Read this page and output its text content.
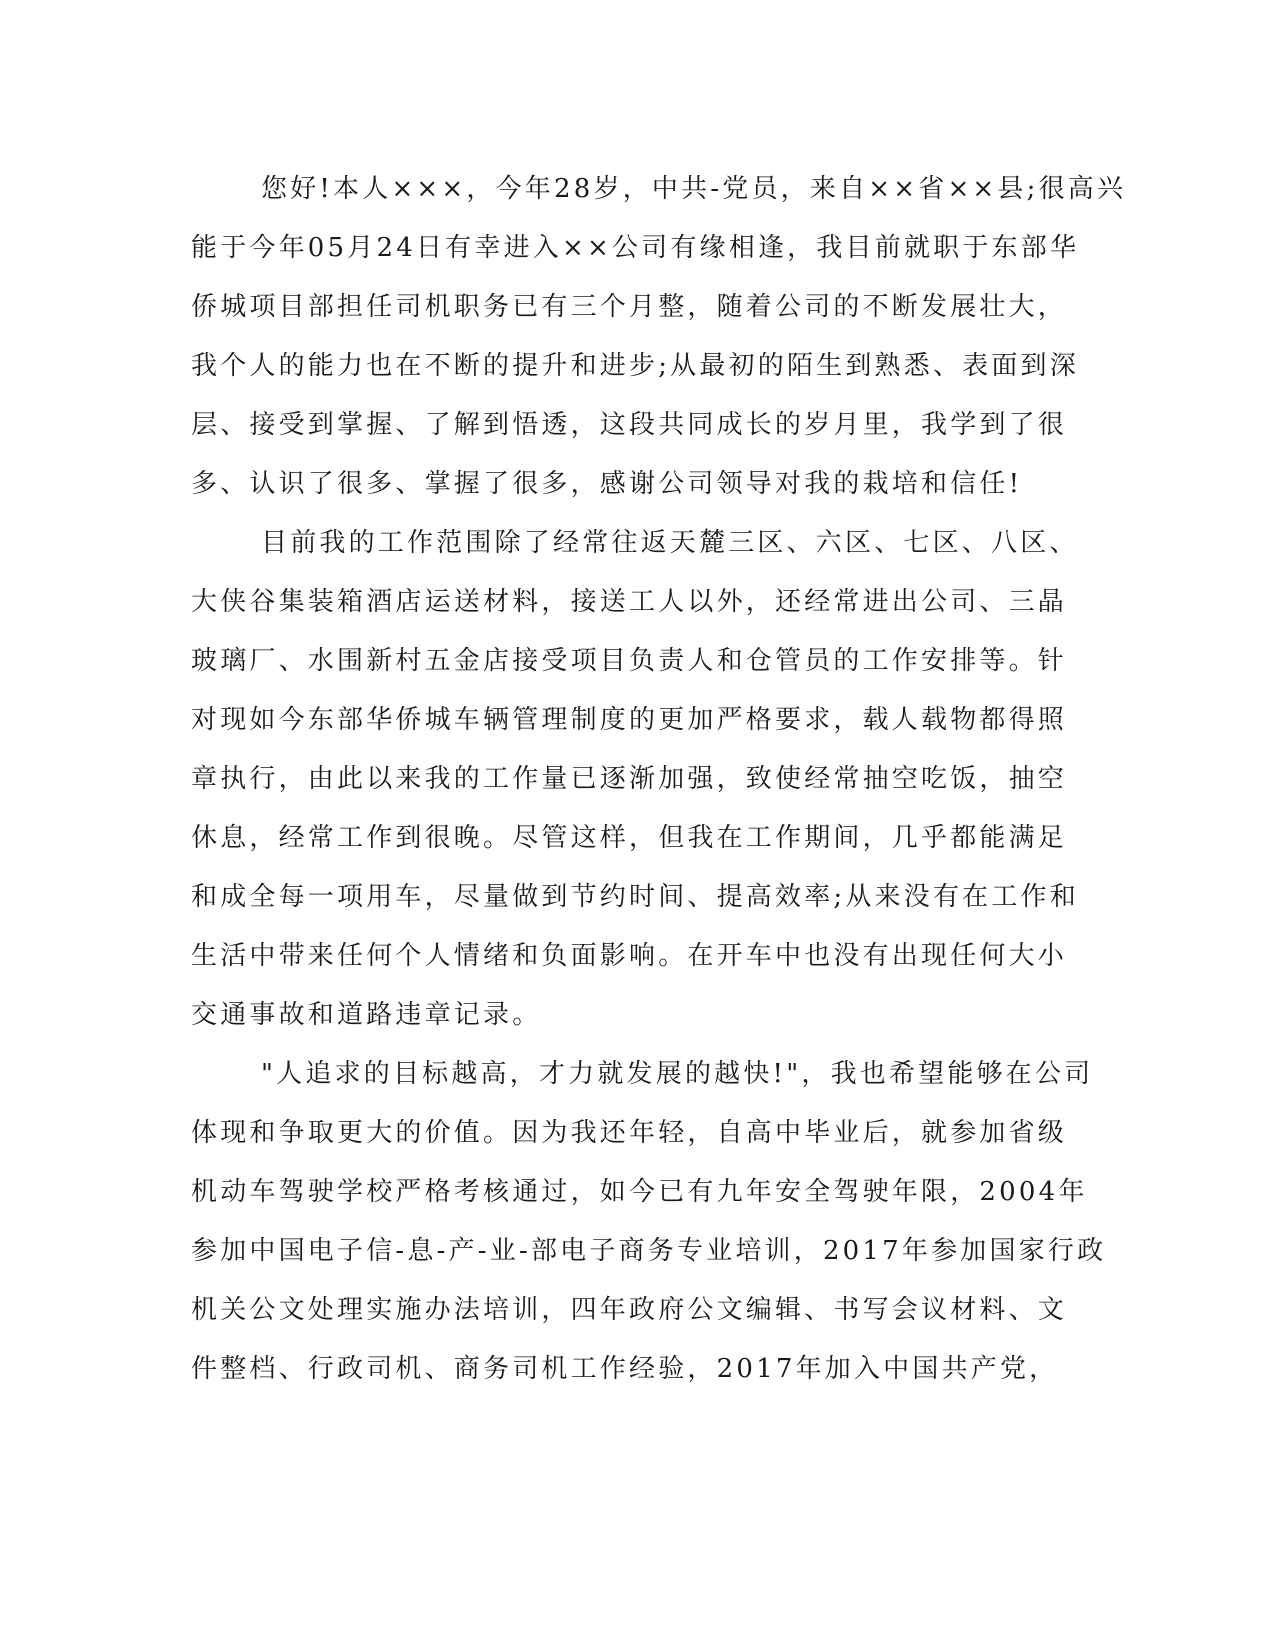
您好!本人×××，今年28岁，中共-党员，来自××省××县;很高兴
能于今年05月24日有幸进入××公司有缘相逢，我目前就职于东部华
侨城项目部担任司机职务已有三个月整，随着公司的不断发展壮大，
我个人的能力也在不断的提升和进步;从最初的陌生到熟悉、表面到深
层、接受到掌握、了解到悟透，这段共同成长的岁月里，我学到了很
多、认识了很多、掌握了很多，感谢公司领导对我的栽培和信任!
目前我的工作范围除了经常往返天麓三区、六区、七区、八区、
大侠谷集装箱酒店运送材料，接送工人以外，还经常进出公司、三晶
玻璃厂、水围新村五金店接受项目负责人和仓管员的工作安排等。针
对现如今东部华侨城车辆管理制度的更加严格要求，载人载物都得照
章执行，由此以来我的工作量已逐渐加强，致使经常抽空吃饭，抽空
休息，经常工作到很晚。尽管这样，但我在工作期间，几乎都能满足
和成全每一项用车，尽量做到节约时间、提高效率;从来没有在工作和
生活中带来任何个人情绪和负面影响。在开车中也没有出现任何大小
交通事故和道路违章记录。
"人追求的目标越高，才力就发展的越快!"，我也希望能够在公司
体现和争取更大的价值。因为我还年轻，自高中毕业后，就参加省级
机动车驾驶学校严格考核通过，如今已有九年安全驾驶年限，2004年
参加中国电子信-息-产-业-部电子商务专业培训，2017年参加国家行政
机关公文处理实施办法培训，四年政府公文编辑、书写会议材料、文
件整档、行政司机、商务司机工作经验，2017年加入中国共产党，
